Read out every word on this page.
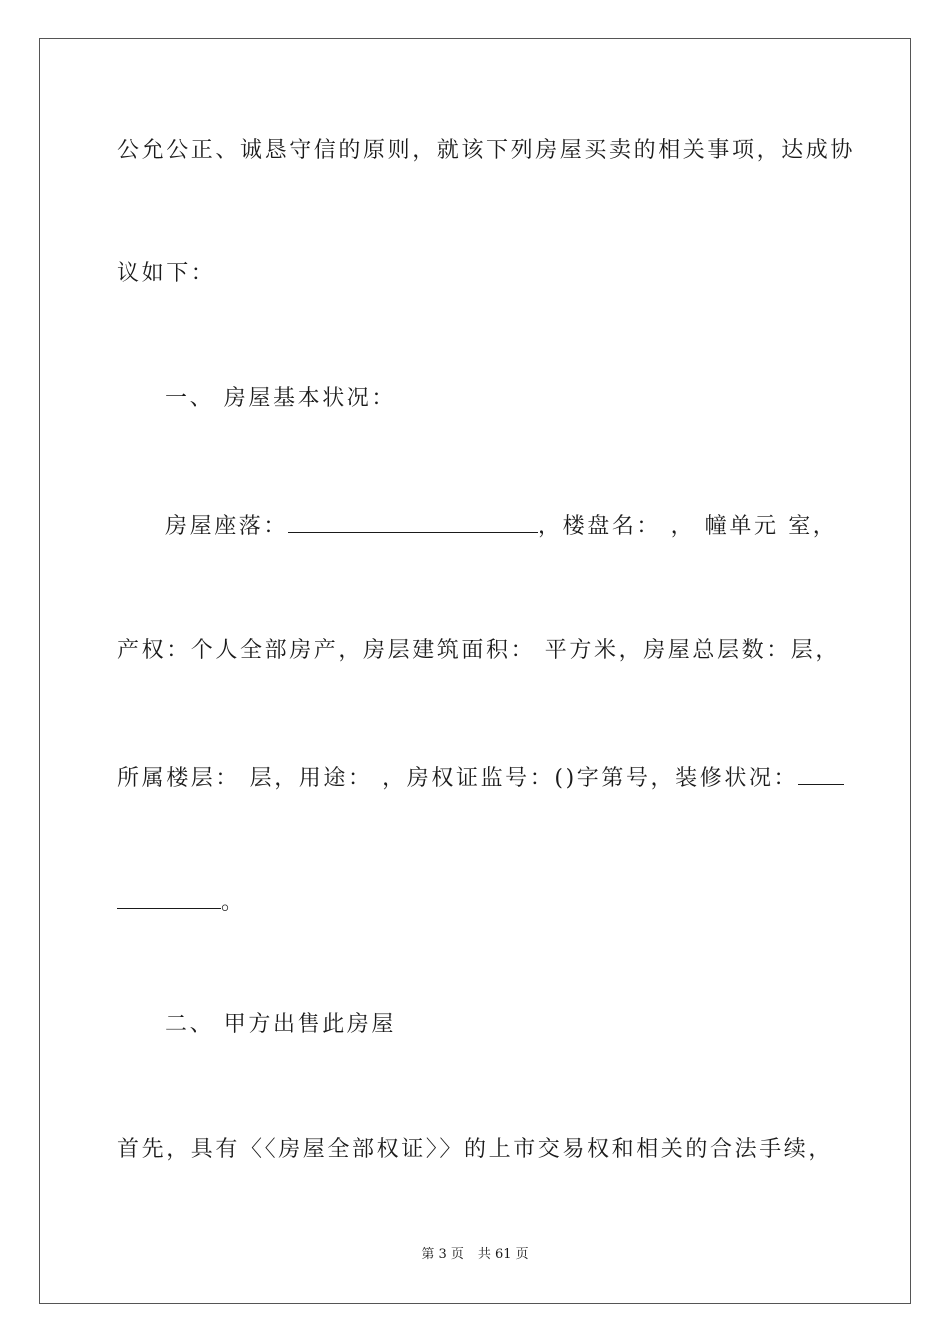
公允公正、诚恳守信的原则，就该下列房屋买卖的相关事项，达成协
议如下：
一、 房屋基本状况：
房屋座落：	，楼盘名： ， 幢单元 室，
产权：个人全部房产，房层建筑面积： 平方米，房屋总层数：层，
所属楼层： 层，用途： ，房权证监号：()字第号，装修状况：
。
二、 甲方出售此房屋
首先，具有〈〈房屋全部权证〉〉的上市交易权和相关的合法手续，
第 3 页 共 61 页
